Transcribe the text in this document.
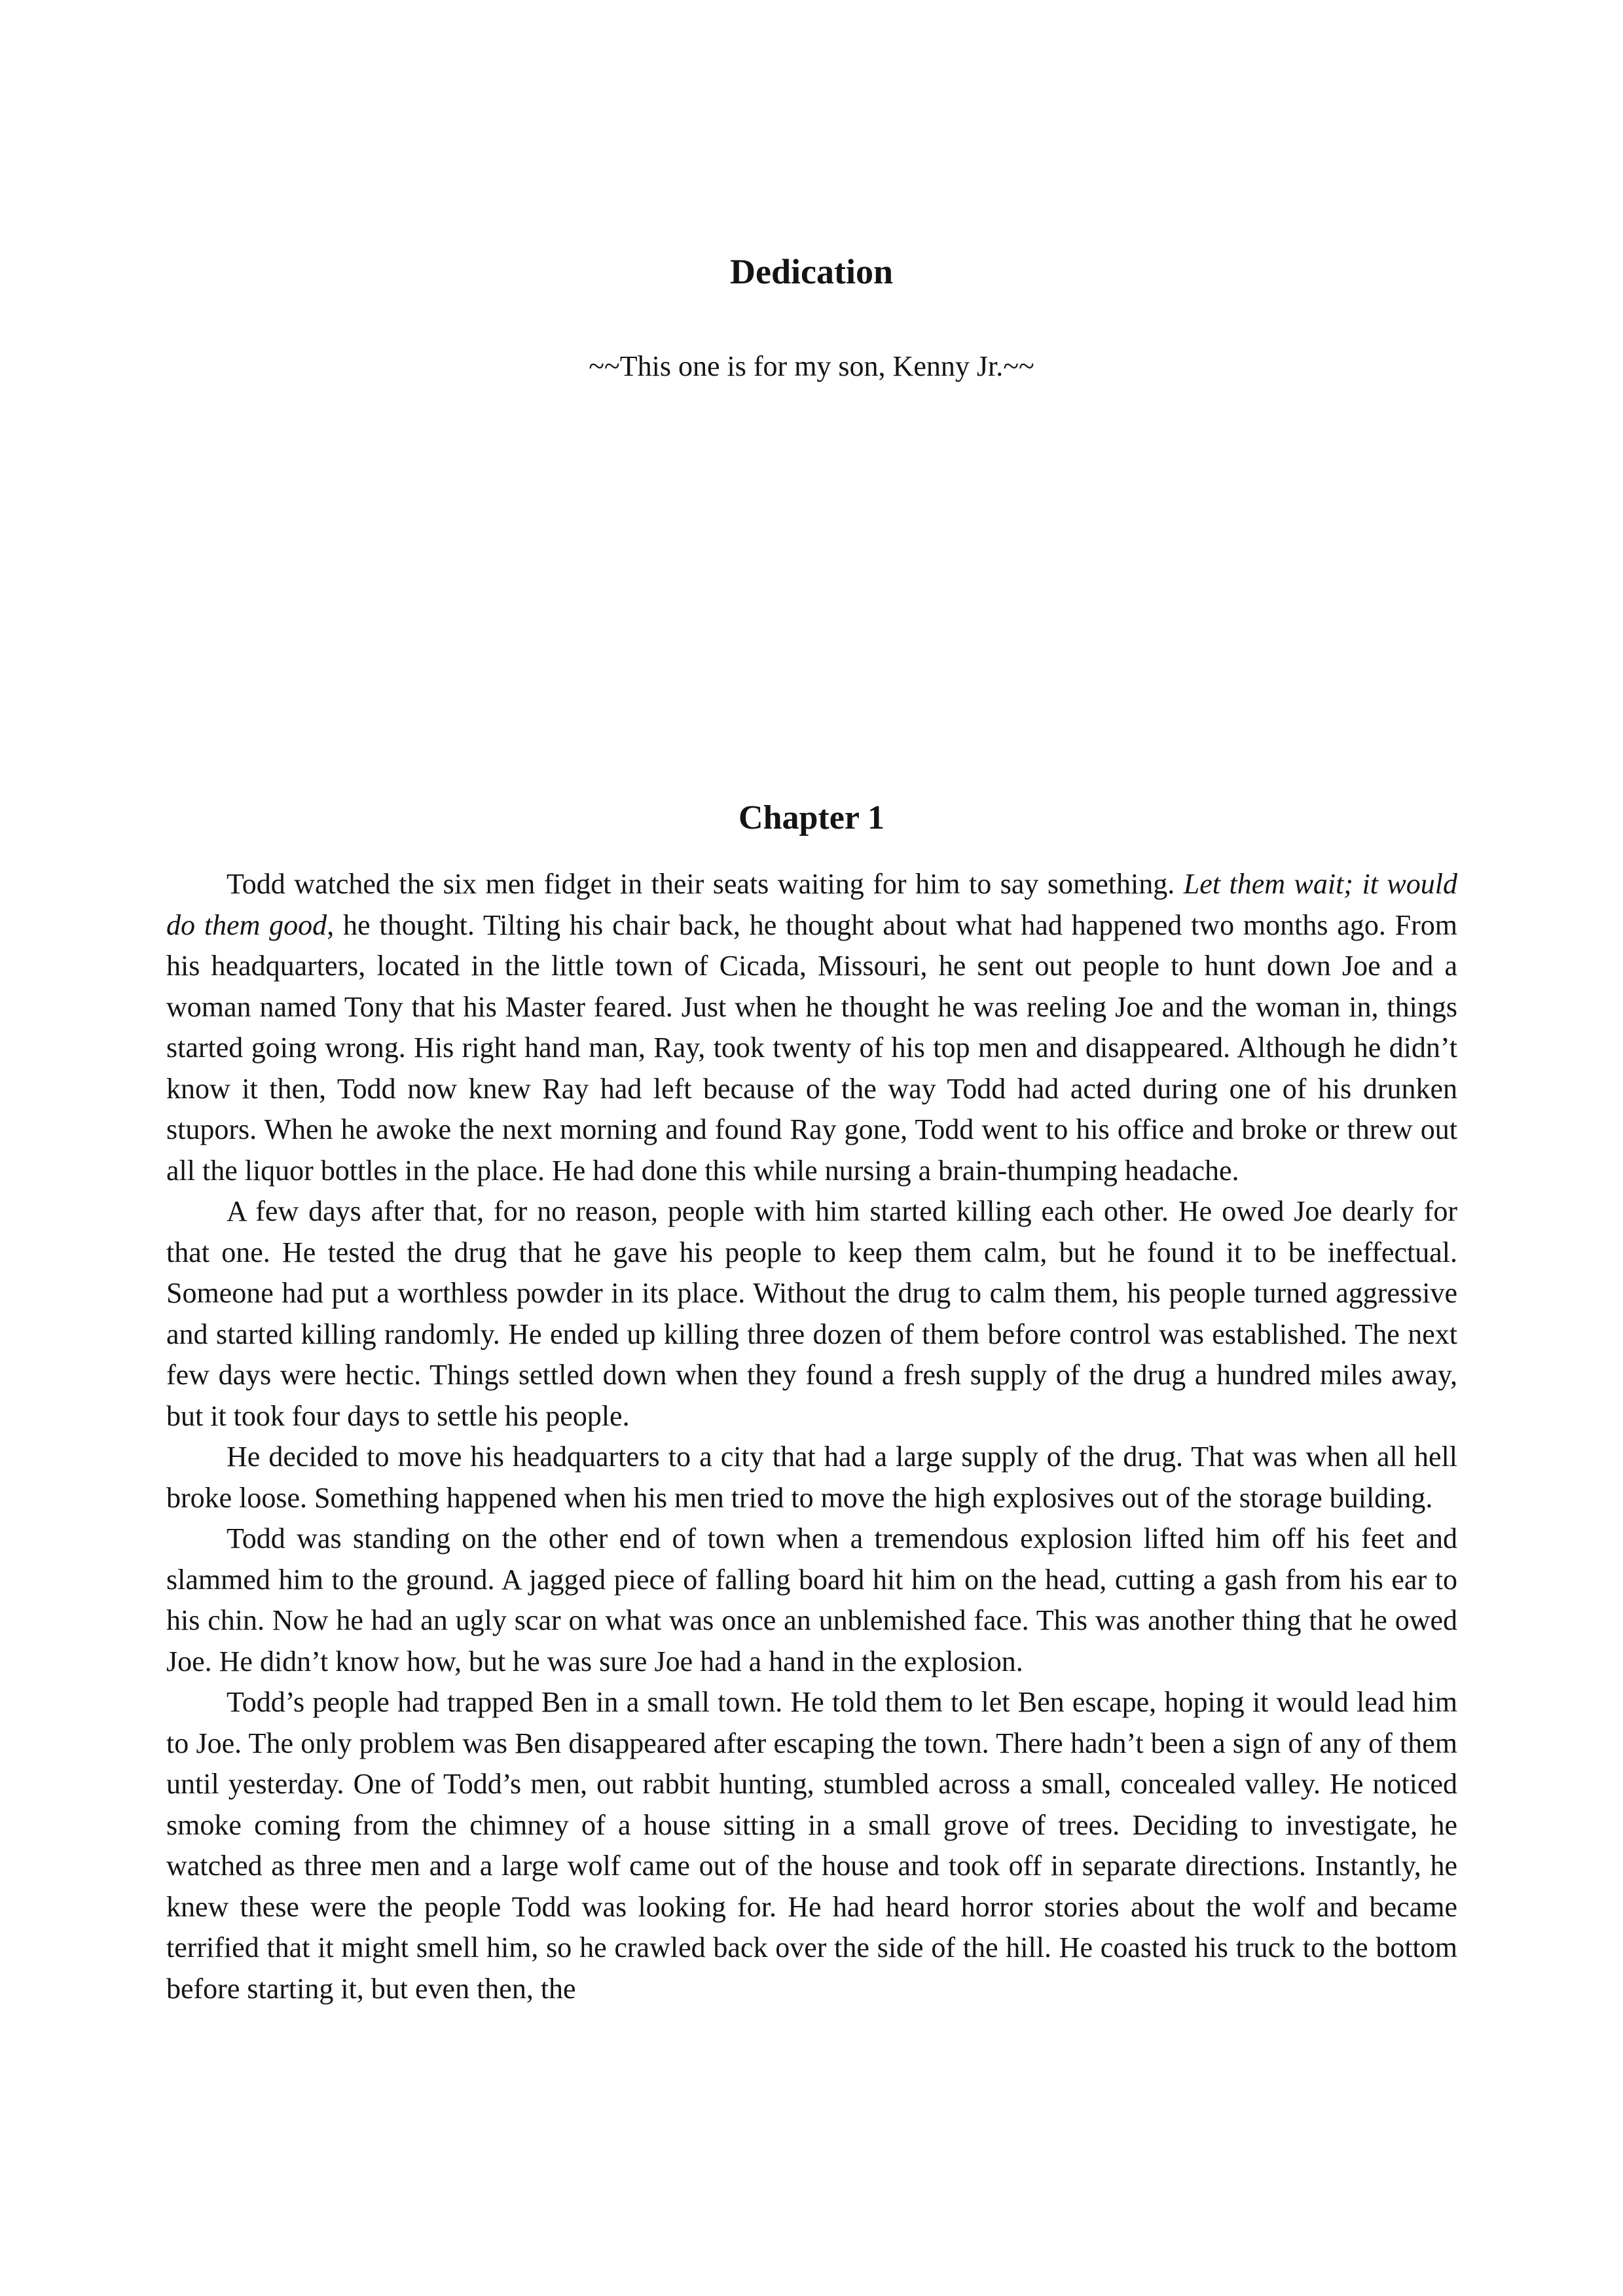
Dedication

~~This one is for my son, Kenny Jr.~~

Chapter 1

Todd watched the six men fidget in their seats waiting for him to say something. Let them wait; it would do them good, he thought. Tilting his chair back, he thought about what had happened two months ago. From his headquarters, located in the little town of Cicada, Missouri, he sent out people to hunt down Joe and a woman named Tony that his Master feared. Just when he thought he was reeling Joe and the woman in, things started going wrong. His right hand man, Ray, took twenty of his top men and disappeared. Although he didn’t know it then, Todd now knew Ray had left because of the way Todd had acted during one of his drunken stupors. When he awoke the next morning and found Ray gone, Todd went to his office and broke or threw out all the liquor bottles in the place. He had done this while nursing a brain-thumping headache.

A few days after that, for no reason, people with him started killing each other. He owed Joe dearly for that one. He tested the drug that he gave his people to keep them calm, but he found it to be ineffectual. Someone had put a worthless powder in its place. Without the drug to calm them, his people turned aggressive and started killing randomly. He ended up killing three dozen of them before control was established. The next few days were hectic. Things settled down when they found a fresh supply of the drug a hundred miles away, but it took four days to settle his people.

He decided to move his headquarters to a city that had a large supply of the drug. That was when all hell broke loose. Something happened when his men tried to move the high explosives out of the storage building.

Todd was standing on the other end of town when a tremendous explosion lifted him off his feet and slammed him to the ground. A jagged piece of falling board hit him on the head, cutting a gash from his ear to his chin. Now he had an ugly scar on what was once an unblemished face. This was another thing that he owed Joe. He didn’t know how, but he was sure Joe had a hand in the explosion.

Todd’s people had trapped Ben in a small town. He told them to let Ben escape, hoping it would lead him to Joe. The only problem was Ben disappeared after escaping the town. There hadn’t been a sign of any of them until yesterday. One of Todd’s men, out rabbit hunting, stumbled across a small, concealed valley. He noticed smoke coming from the chimney of a house sitting in a small grove of trees. Deciding to investigate, he watched as three men and a large wolf came out of the house and took off in separate directions. Instantly, he knew these were the people Todd was looking for. He had heard horror stories about the wolf and became terrified that it might smell him, so he crawled back over the side of the hill. He coasted his truck to the bottom before starting it, but even then, the
